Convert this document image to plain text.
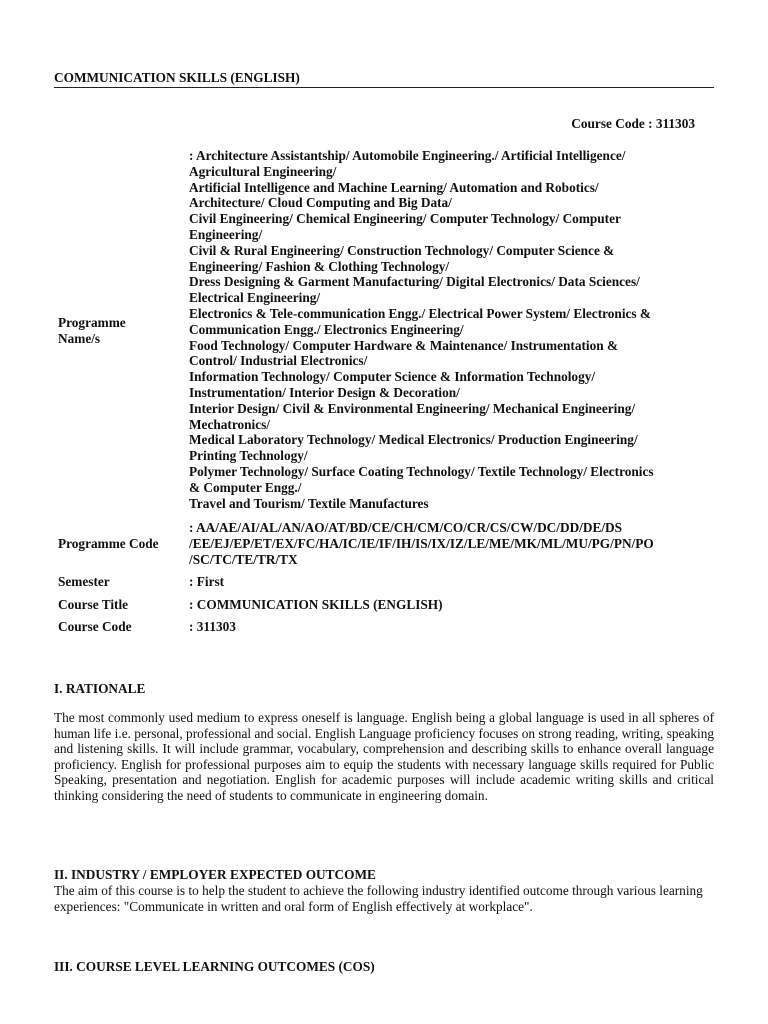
COMMUNICATION SKILLS (ENGLISH)
Course Code : 311303
Programme Name/s
: Architecture Assistantship/ Automobile Engineering./ Artificial Intelligence/
Agricultural Engineering/
Artificial Intelligence and Machine Learning/ Automation and Robotics/
Architecture/ Cloud Computing and Big Data/
Civil Engineering/ Chemical Engineering/ Computer Technology/ Computer
Engineering/
Civil & Rural Engineering/ Construction Technology/ Computer Science &
Engineering/ Fashion & Clothing Technology/
Dress Designing & Garment Manufacturing/ Digital Electronics/ Data Sciences/
Electrical Engineering/
Electronics & Tele-communication Engg./ Electrical Power System/ Electronics &
Communication Engg./ Electronics Engineering/
Food Technology/ Computer Hardware & Maintenance/ Instrumentation &
Control/ Industrial Electronics/
Information Technology/ Computer Science & Information Technology/
Instrumentation/ Interior Design & Decoration/
Interior Design/ Civil & Environmental Engineering/ Mechanical Engineering/
Mechatronics/
Medical Laboratory Technology/ Medical Electronics/ Production Engineering/
Printing Technology/
Polymer Technology/ Surface Coating Technology/ Textile Technology/ Electronics
& Computer Engg./
Travel and Tourism/ Textile Manufactures
Programme Code
: AA/AE/AI/AL/AN/AO/AT/BD/CE/CH/CM/CO/CR/CS/CW/DC/DD/DE/DS
/EE/EJ/EP/ET/EX/FC/HA/IC/IE/IF/IH/IS/IX/IZ/LE/ME/MK/ML/MU/PG/PN/PO
/SC/TC/TE/TR/TX
Semester	: First
Course Title	: COMMUNICATION SKILLS (ENGLISH)
Course Code	: 311303
I. RATIONALE

The most commonly used medium to express oneself is language. English being a global language is used in all spheres of human life i.e. personal, professional and social. English Language proficiency focuses on strong reading, writing, speaking and listening skills. It will include grammar, vocabulary, comprehension and describing skills to enhance overall language proficiency. English for professional purposes aim to equip the students with necessary language skills required for Public Speaking, presentation and negotiation. English for academic purposes will include academic writing skills and critical thinking considering the need of students to communicate in engineering domain.

II. INDUSTRY / EMPLOYER EXPECTED OUTCOME

The aim of this course is to help the student to achieve the following industry identified outcome through various learning experiences: "Communicate in written and oral form of English effectively at workplace".

III. COURSE LEVEL LEARNING OUTCOMES (COS)
